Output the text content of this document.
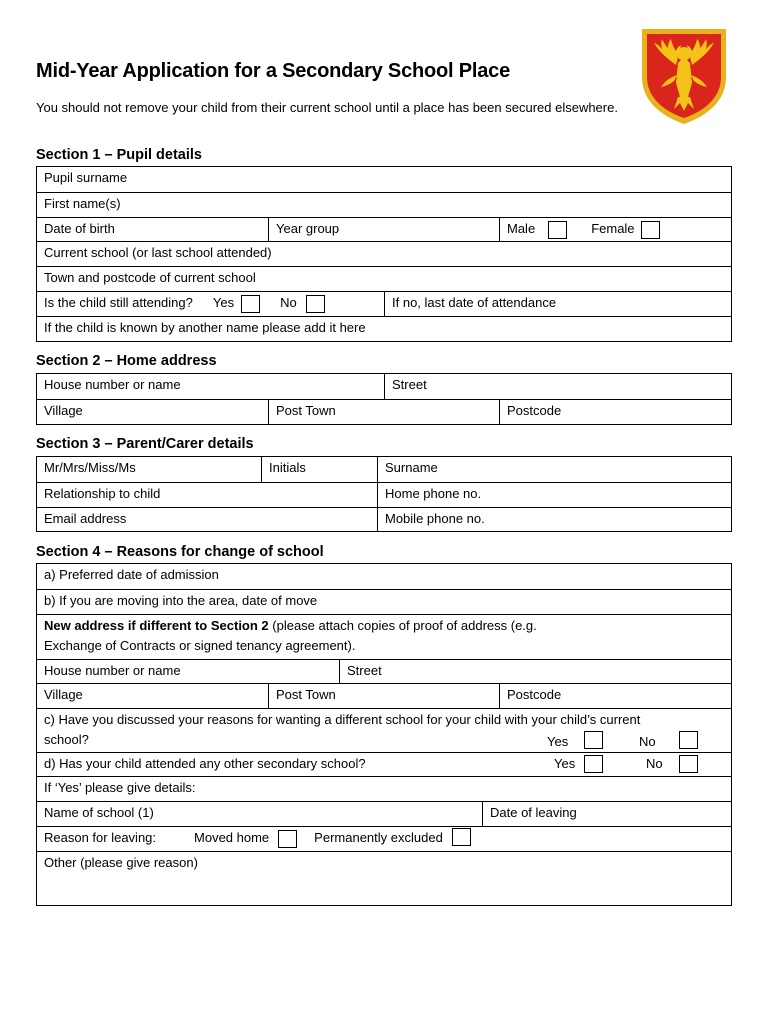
Mid-Year Application for a Secondary School Place
You should not remove your child from their current school until a place has been secured elsewhere.
Section 1 – Pupil details
Pupil surname
First name(s)
Date of birth	Year group	Male	Female
Current school (or last school attended)
Town and postcode of current school
Is the child still attending? Yes	No	If no, last date of attendance
If the child is known by another name please add it here
Section 2 – Home address
House number or name	Street
Village	Post Town	Postcode
Section 3 – Parent/Carer details
Mr/Mrs/Miss/Ms	Initials	Surname
Relationship to child	Home phone no.
Email address	Mobile phone no.
Section 4 – Reasons for change of school
a) Preferred date of admission
b) If you are moving into the area, date of move
New address if different to Section 2 (please attach copies of proof of address (e.g.
Exchange of Contracts or signed tenancy agreement).
House number or name	Street
Village	Post Town	Postcode
c) Have you discussed your reasons for wanting a different school for your child with your child’s current
school?	Yes	No
d) Has your child attended any other secondary school?	Yes	No
If ‘Yes’ please give details:
Name of school (1)	Date of leaving
Reason for leaving:	Moved home	Permanently excluded
Other (please give reason)
